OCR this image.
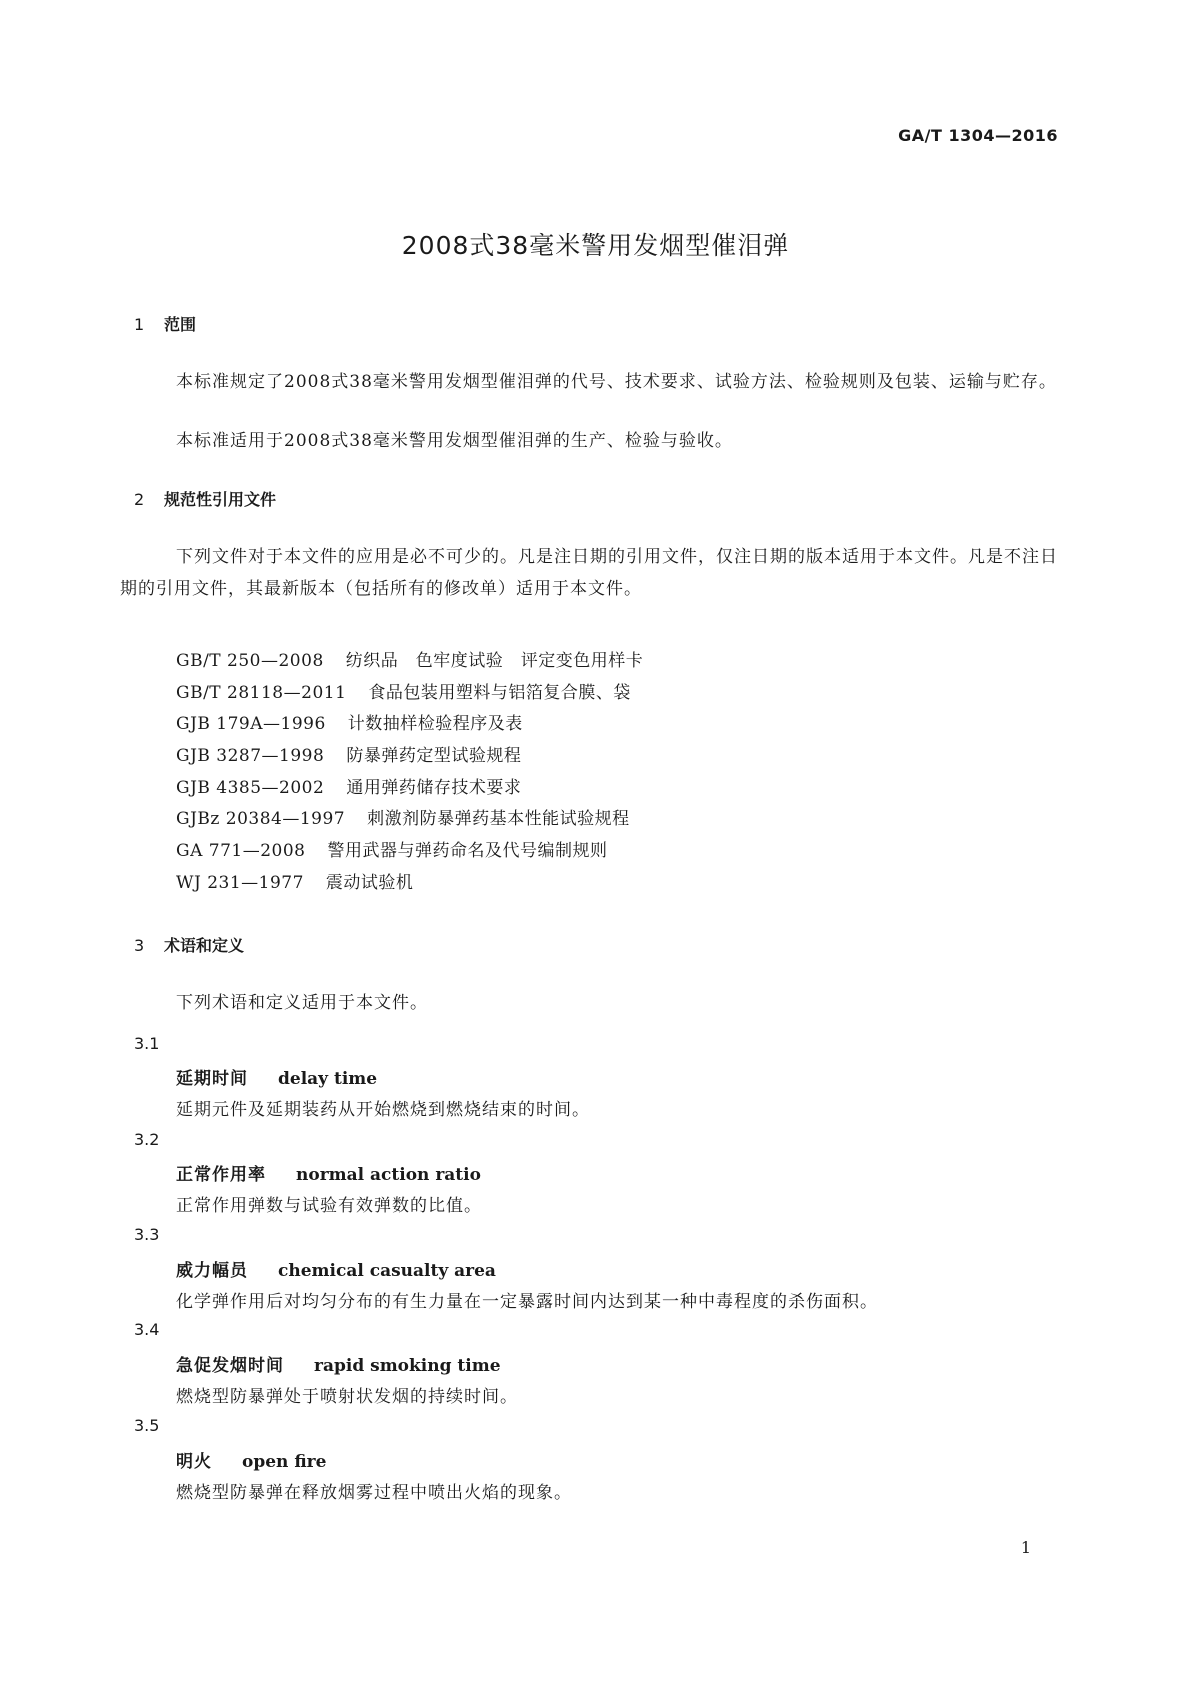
GA/T 1304—2016
2008式38毫米警用发烟型催泪弹
1 范围

本标准规定了2008式38毫米警用发烟型催泪弹的代号、技术要求、试验方法、检验规则及包装、运输与贮存。

本标准适用于2008式38毫米警用发烟型催泪弹的生产、检验与验收。

2 规范性引用文件

下列文件对于本文件的应用是必不可少的。凡是注日期的引用文件，仅注日期的版本适用于本文件。凡是不注日期的引用文件，其最新版本（包括所有的修改单）适用于本文件。

GB/T 250—2008 纺织品　色牢度试验　评定变色用样卡
GB/T 28118—2011 食品包装用塑料与铝箔复合膜、袋
GJB 179A—1996 计数抽样检验程序及表
GJB 3287—1998 防暴弹药定型试验规程
GJB 4385—2002 通用弹药储存技术要求
GJBz 20384—1997 刺激剂防暴弹药基本性能试验规程
GA 771—2008 警用武器与弹药命名及代号编制规则
WJ 231—1977 震动试验机
3 术语和定义

下列术语和定义适用于本文件。

3.1
延期时间 delay time
延期元件及延期装药从开始燃烧到燃烧结束的时间。
3.2
正常作用率 normal action ratio
正常作用弹数与试验有效弹数的比值。
3.3
威力幅员 chemical casualty area
化学弹作用后对均匀分布的有生力量在一定暴露时间内达到某一种中毒程度的杀伤面积。
3.4
急促发烟时间 rapid smoking time
燃烧型防暴弹处于喷射状发烟的持续时间。
3.5
明火 open fire
燃烧型防暴弹在释放烟雾过程中喷出火焰的现象。
1
